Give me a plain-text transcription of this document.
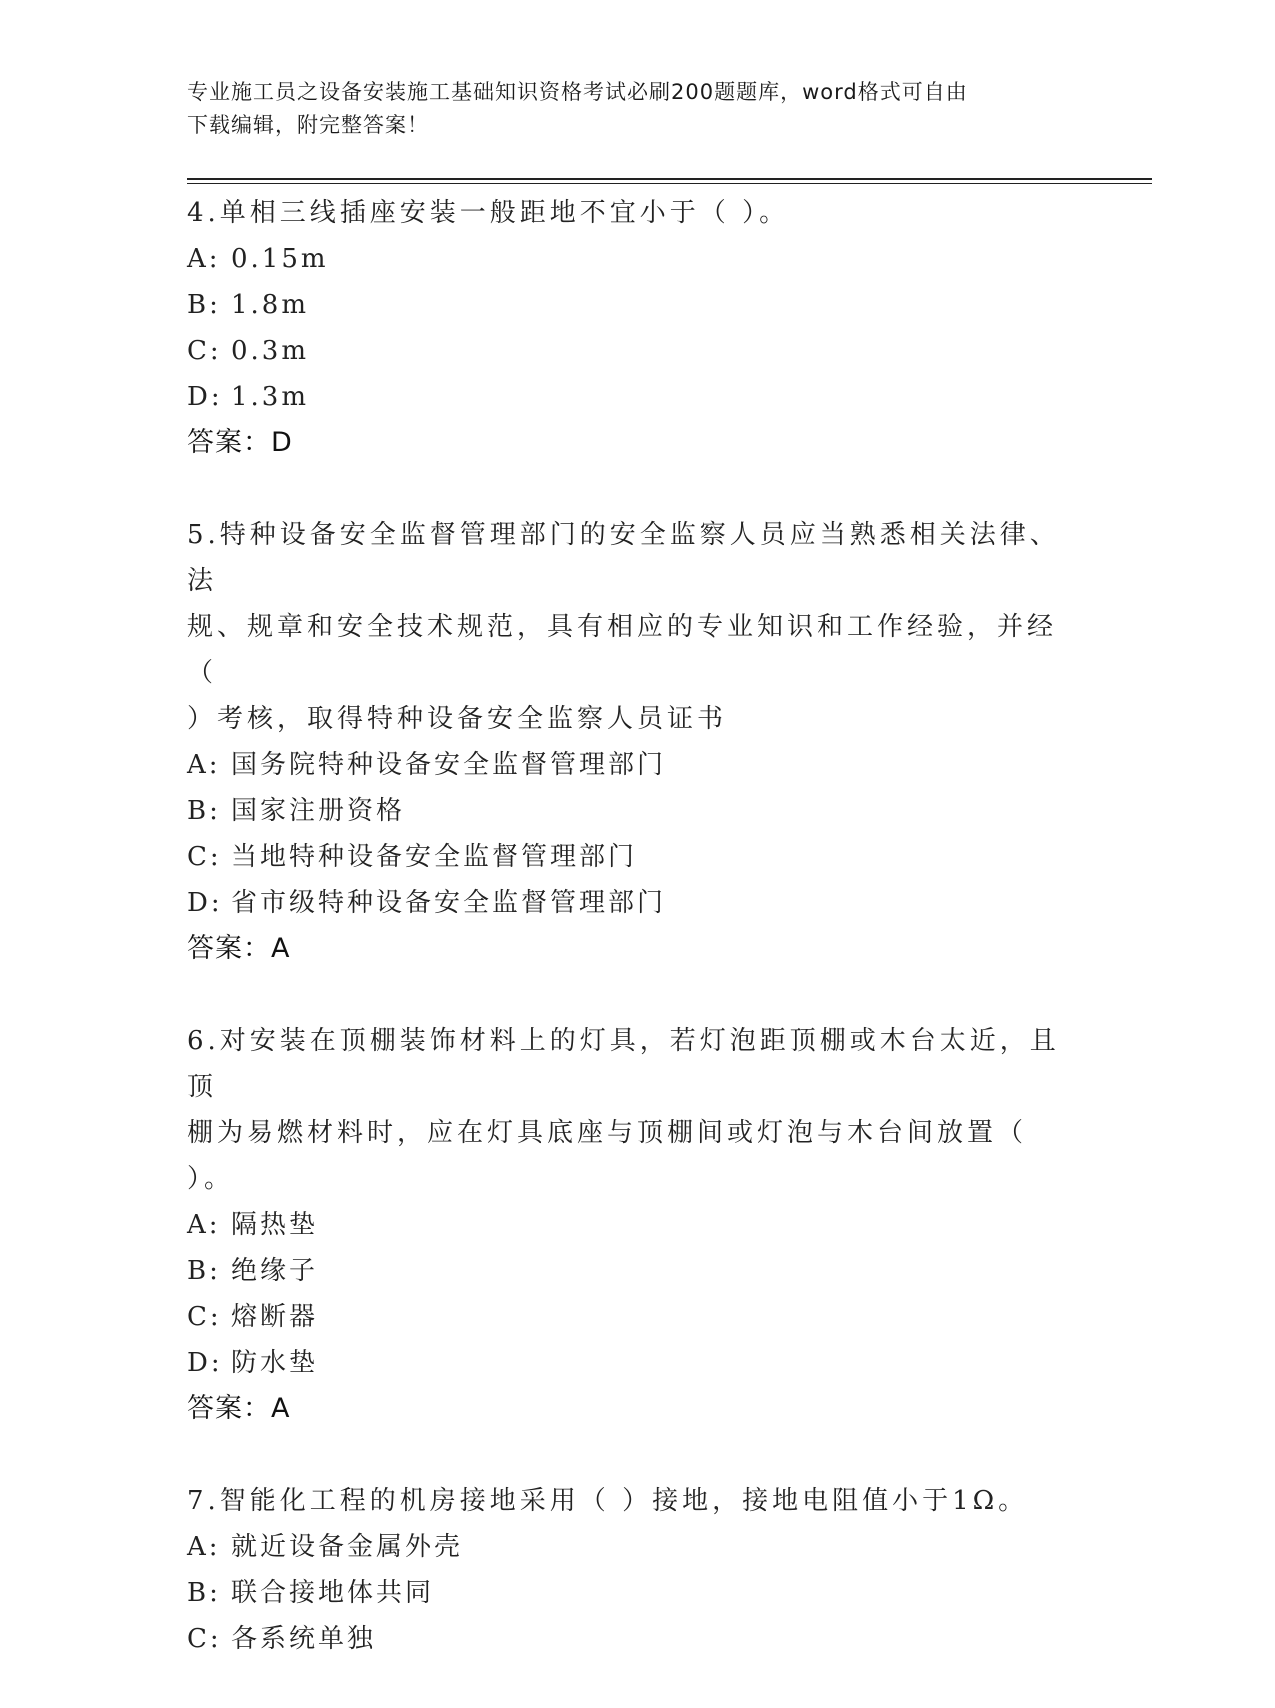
专业施工员之设备安装施工基础知识资格考试必刷200题题库，word格式可自由
下载编辑，附完整答案！

4.单相三线插座安装一般距地不宜小于（ ）。

A: 0.15m

B: 1.8m

C: 0.3m

D: 1.3m

答案：D

5.特种设备安全监督管理部门的安全监察人员应当熟悉相关法律、法

规、规章和安全技术规范，具有相应的专业知识和工作经验，并经（

）考核，取得特种设备安全监察人员证书

A: 国务院特种设备安全监督管理部门

B: 国家注册资格

C: 当地特种设备安全监督管理部门

D: 省市级特种设备安全监督管理部门

答案：A

6.对安装在顶棚装饰材料上的灯具，若灯泡距顶棚或木台太近，且顶

棚为易燃材料时，应在灯具底座与顶棚间或灯泡与木台间放置（ ）。

A: 隔热垫

B: 绝缘子

C: 熔断器

D: 防水垫

答案：A

7.智能化工程的机房接地采用（ ）接地，接地电阻值小于1Ω。

A: 就近设备金属外壳

B: 联合接地体共同

C: 各系统单独
